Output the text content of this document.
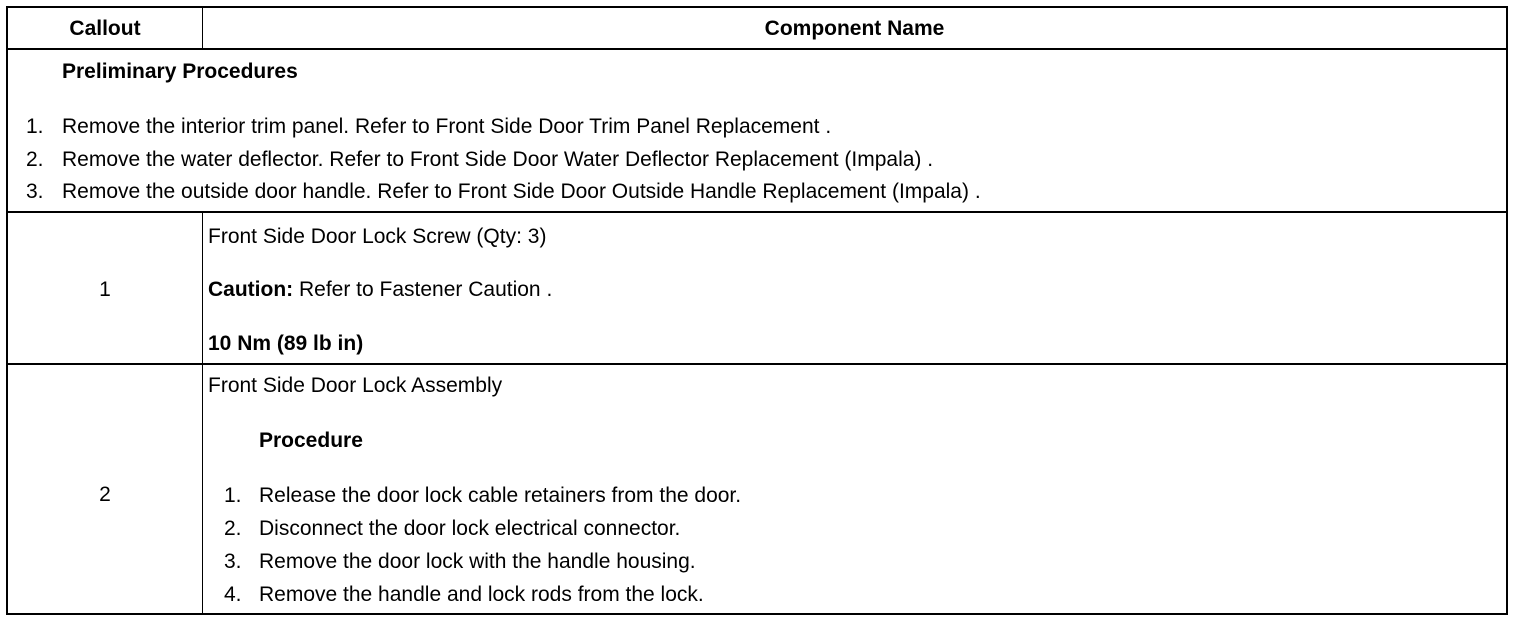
Callout	Component Name
Preliminary Procedures
1. Remove the interior trim panel. Refer to Front Side Door Trim Panel Replacement .
2. Remove the water deflector. Refer to Front Side Door Water Deflector Replacement (Impala) .
3. Remove the outside door handle. Refer to Front Side Door Outside Handle Replacement (Impala) .
1
Front Side Door Lock Screw (Qty: 3)
Caution: Refer to Fastener Caution .
10 Nm (89 lb in)
2
Front Side Door Lock Assembly
Procedure
1. Release the door lock cable retainers from the door.
2. Disconnect the door lock electrical connector.
3. Remove the door lock with the handle housing.
4. Remove the handle and lock rods from the lock.
